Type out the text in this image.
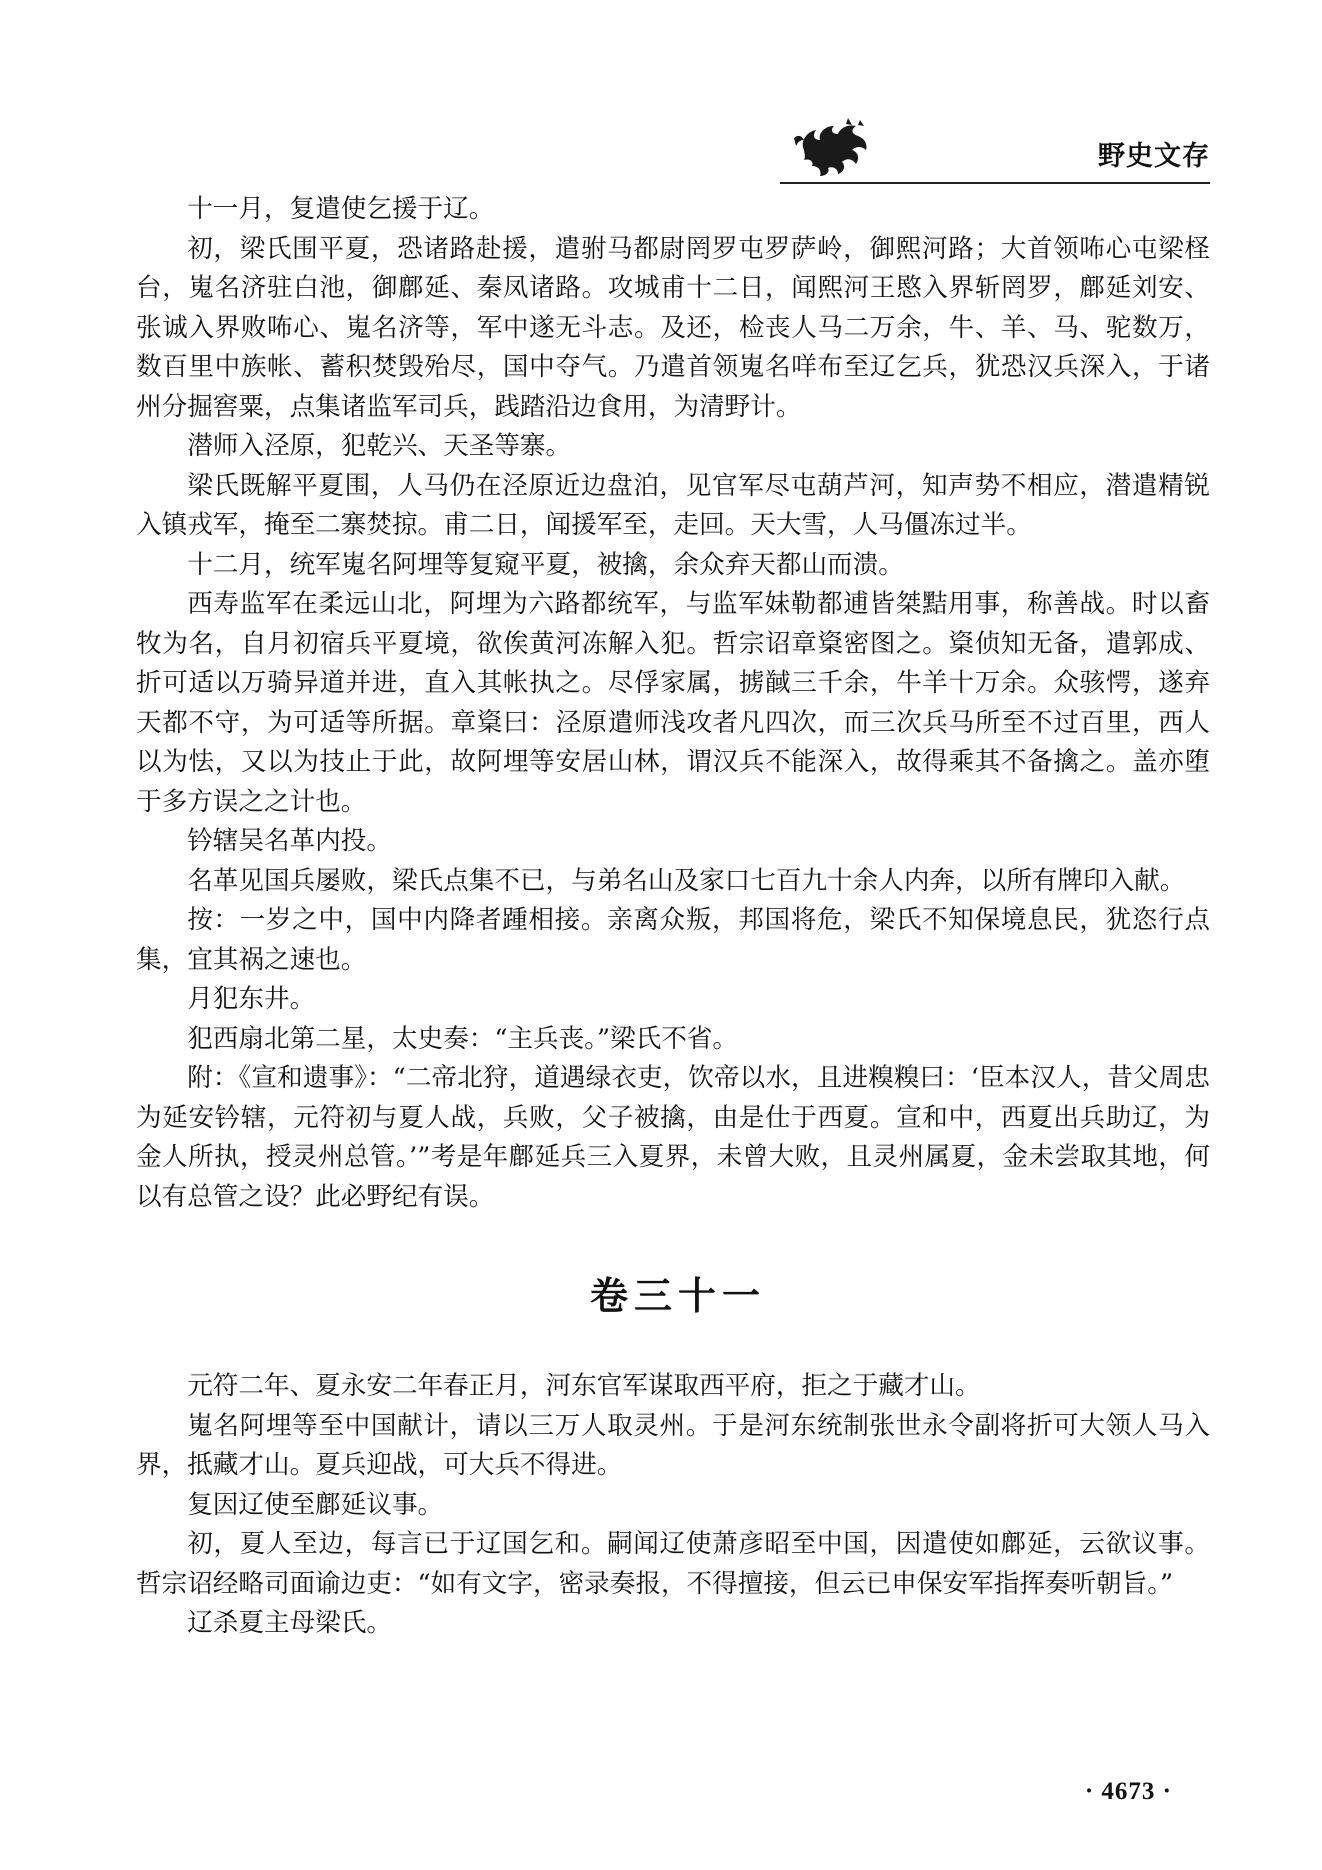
野史文存

十一月，复遣使乞援于辽。

初，梁氏围平夏，恐诸路赴援，遣驸马都尉罔罗屯罗萨岭，御熙河路；大首领咘心屯梁柽台，嵬名济驻白池，御鄜延、秦凤诸路。攻城甫十二日，闻熙河王愍入界斩罔罗，鄜延刘安、张诚入界败咘心、嵬名济等，军中遂无斗志。及还，检丧人马二万余，牛、羊、马、驼数万，数百里中族帐、蓄积焚毁殆尽，国中夺气。乃遣首领嵬名咩布至辽乞兵，犹恐汉兵深入，于诸州分掘窖粟，点集诸监军司兵，践踏沿边食用，为清野计。

潜师入泾原，犯乾兴、天圣等寨。

梁氏既解平夏围，人马仍在泾原近边盘泊，见官军尽屯葫芦河，知声势不相应，潜遣精锐入镇戎军，掩至二寨焚掠。甫二日，闻援军至，走回。天大雪，人马僵冻过半。

十二月，统军嵬名阿埋等复窥平夏，被擒，余众弃天都山而溃。

西寿监军在柔远山北，阿埋为六路都统军，与监军妹勒都逋皆桀黠用事，称善战。时以畜牧为名，自月初宿兵平夏境，欲俟黄河冻解入犯。哲宗诏章楶密图之。楶侦知无备，遣郭成、折可适以万骑异道并进，直入其帐执之。尽俘家属，掳馘三千余，牛羊十万余。众骇愕，遂弃天都不守，为可适等所据。章楶曰：泾原遣师浅攻者凡四次，而三次兵马所至不过百里，西人以为怯，又以为技止于此，故阿埋等安居山林，谓汉兵不能深入，故得乘其不备擒之。盖亦堕于多方误之之计也。

钤辖吴名革内投。

名革见国兵屡败，梁氏点集不已，与弟名山及家口七百九十余人内奔，以所有牌印入献。

按：一岁之中，国中内降者踵相接。亲离众叛，邦国将危，梁氏不知保境息民，犹恣行点集，宜其祸之速也。

月犯东井。

犯西扇北第二星，太史奏：“主兵丧。”梁氏不省。

附：《宣和遗事》：“二帝北狩，道遇绿衣吏，饮帝以水，且进糗糗曰：‘臣本汉人，昔父周忠为延安钤辖，元符初与夏人战，兵败，父子被擒，由是仕于西夏。宣和中，西夏出兵助辽，为金人所执，授灵州总管。’”考是年鄜延兵三入夏界，未曾大败，且灵州属夏，金未尝取其地，何以有总管之设？此必野纪有误。

卷三十一

元符二年、夏永安二年春正月，河东官军谋取西平府，拒之于藏才山。

嵬名阿埋等至中国献计，请以三万人取灵州。于是河东统制张世永令副将折可大领人马入界，抵藏才山。夏兵迎战，可大兵不得进。

复因辽使至鄜延议事。

初，夏人至边，每言已于辽国乞和。嗣闻辽使萧彦昭至中国，因遣使如鄜延，云欲议事。哲宗诏经略司面谕边吏：“如有文字，密录奏报，不得擅接，但云已申保安军指挥奏听朝旨。”

辽杀夏主母梁氏。

· 4673 ·
